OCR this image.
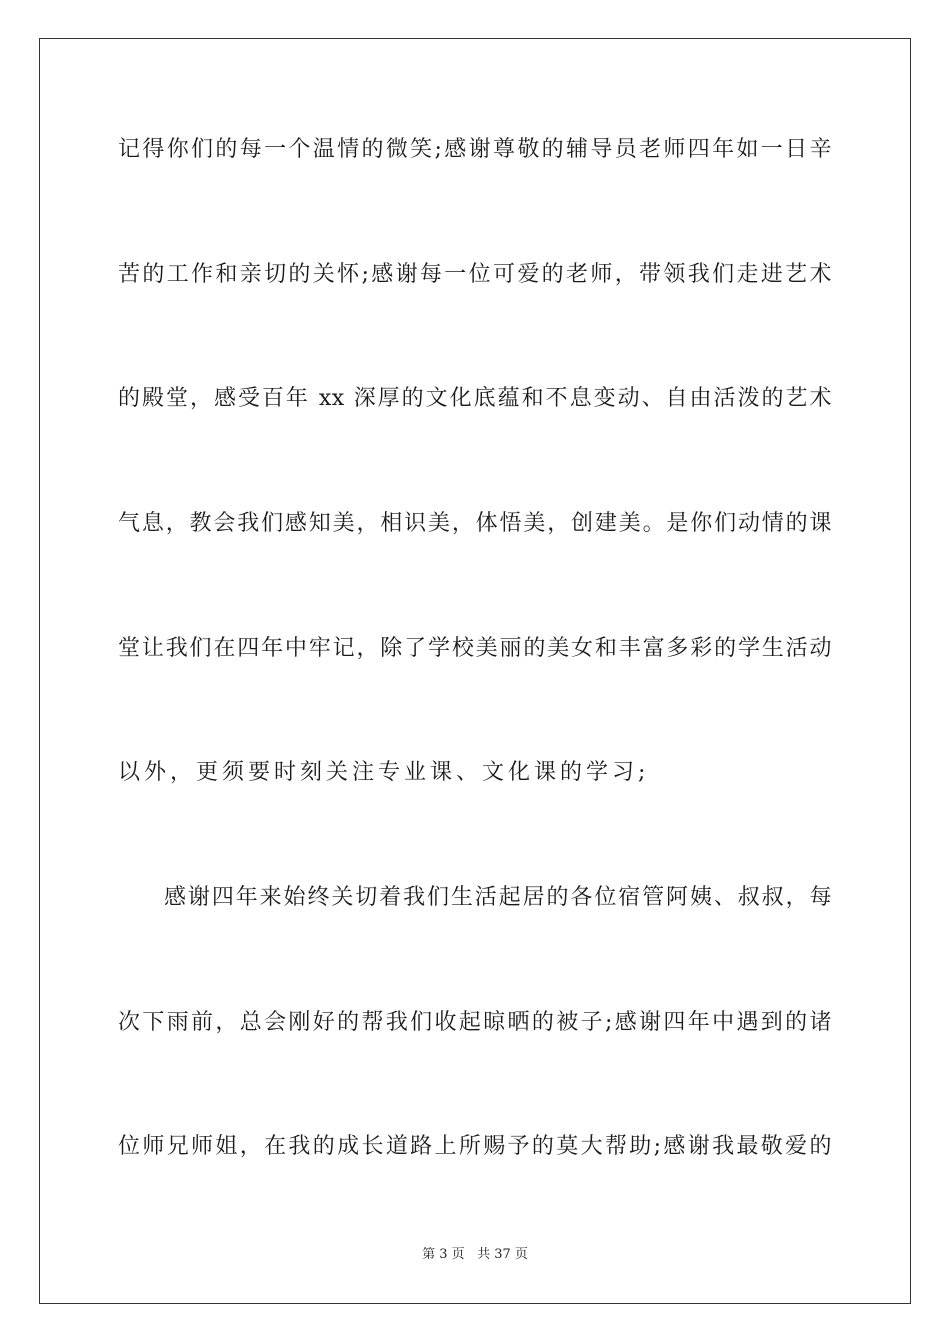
记得你们的每一个温情的微笑;感谢尊敬的辅导员老师四年如一日辛
苦的工作和亲切的关怀;感谢每一位可爱的老师，带领我们走进艺术
的殿堂，感受百年 xx 深厚的文化底蕴和不息变动、自由活泼的艺术
气息，教会我们感知美，相识美，体悟美，创建美。是你们动情的课
堂让我们在四年中牢记，除了学校美丽的美女和丰富多彩的学生活动
以外，更须要时刻关注专业课、文化课的学习;
感谢四年来始终关切着我们生活起居的各位宿管阿姨、叔叔，每
次下雨前，总会刚好的帮我们收起晾晒的被子;感谢四年中遇到的诸
位师兄师姐，在我的成长道路上所赐予的莫大帮助;感谢我最敬爱的
第 3 页 共 37 页
